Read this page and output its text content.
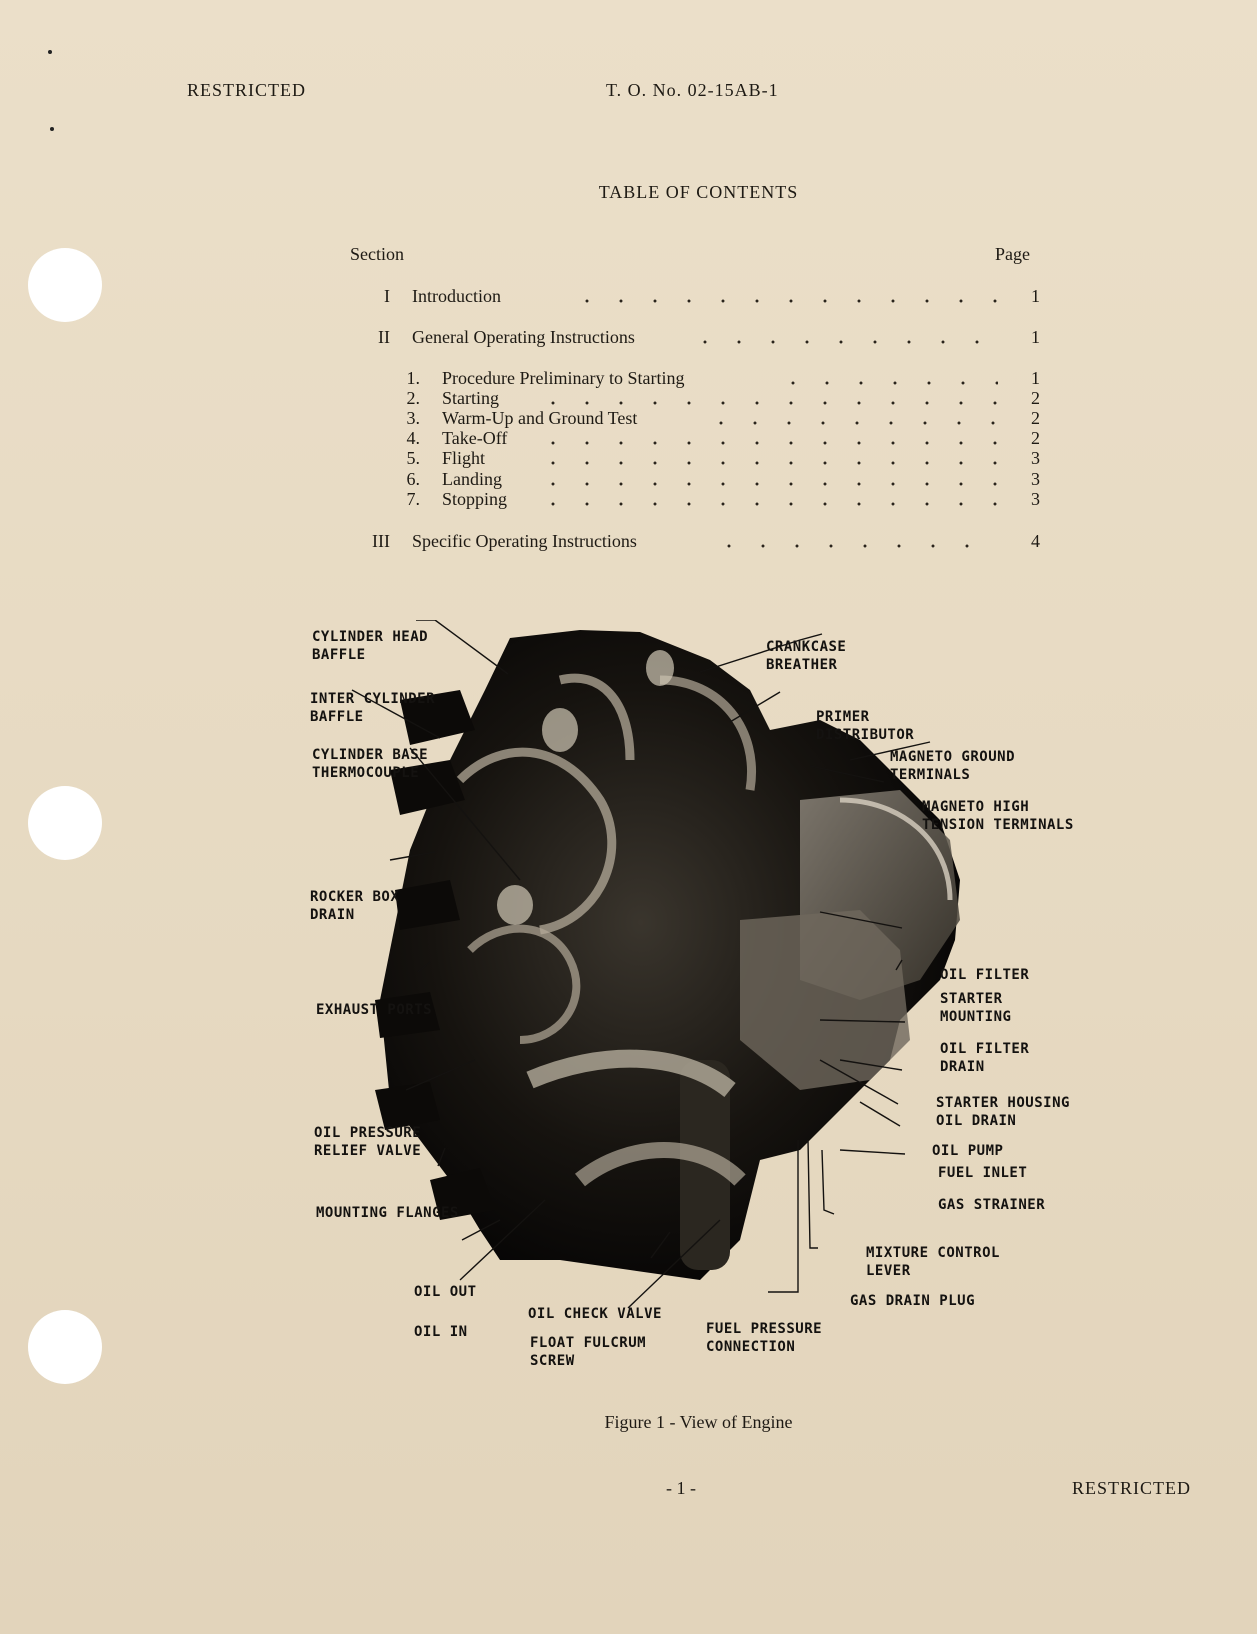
RESTRICTED	T. O. No. 02-15AB-1
TABLE OF CONTENTS
Section	Page
I Introduction	1
II General Operating Instructions	1
1. Procedure Preliminary to Starting	1
2. Starting	2
3. Warm-Up and Ground Test	2
4. Take-Off	2
5. Flight	3
6. Landing	3
7. Stopping	3
III Specific Operating Instructions	4
CYLINDER HEAD
BAFFLE
INTER CYLINDER
BAFFLE
CYLINDER BASE
THERMOCOUPLE
ROCKER BOX
DRAIN
EXHAUST PORTS
OIL PRESSURE
RELIEF VALVE
MOUNTING FLANGES
OIL OUT
OIL IN
OIL CHECK VALVE
FLOAT FULCRUM
SCREW
FUEL PRESSURE
CONNECTION
GAS DRAIN PLUG
MIXTURE CONTROL
LEVER
GAS STRAINER
FUEL INLET
OIL PUMP
STARTER HOUSING
OIL DRAIN
OIL FILTER
DRAIN
STARTER
MOUNTING
OIL FILTER
MAGNETO HIGH
TENSION TERMINALS
MAGNETO GROUND
TERMINALS
PRIMER
DISTRIBUTOR
CRANKCASE
BREATHER
Figure 1 - View of Engine
- 1 -	RESTRICTED
